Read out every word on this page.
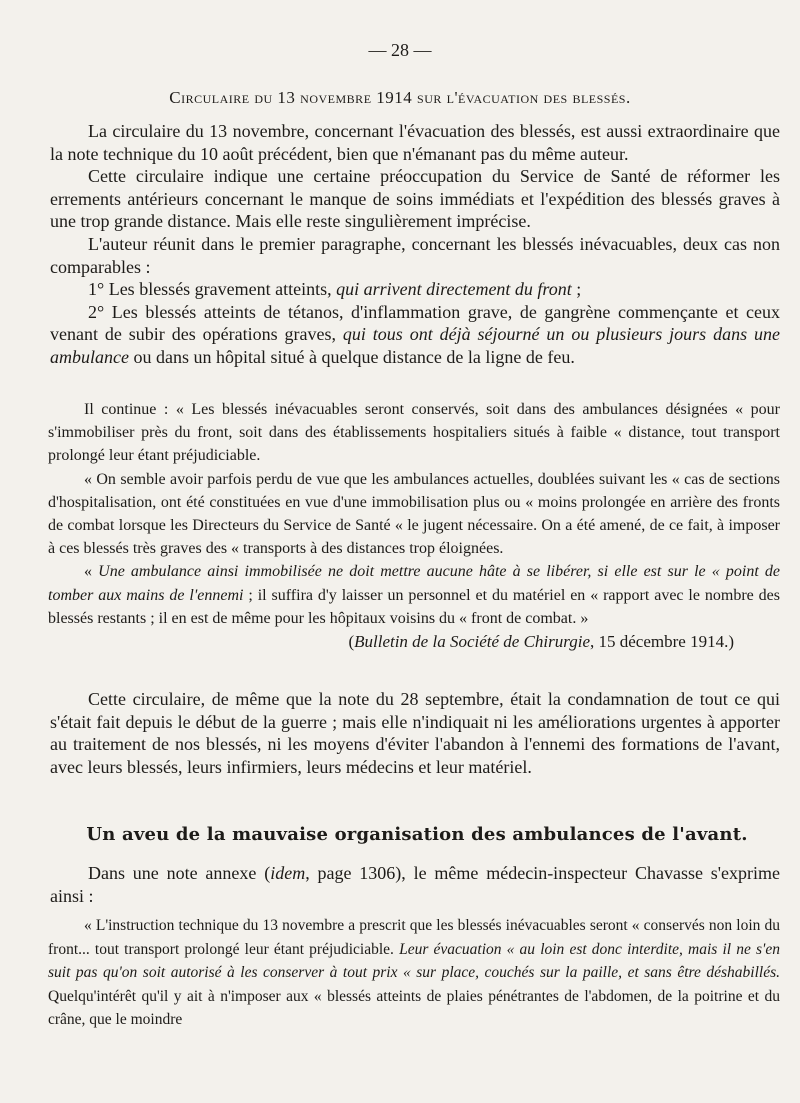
— 28 —
Circulaire du 13 novembre 1914 sur l'évacuation des blessés.

La circulaire du 13 novembre, concernant l'évacuation des blessés, est aussi extraordinaire que la note technique du 10 août précédent, bien que n'émanant pas du même auteur.

Cette circulaire indique une certaine préoccupation du Service de Santé de réformer les errements antérieurs concernant le manque de soins immédiats et l'expédition des blessés graves à une trop grande distance. Mais elle reste singulièrement imprécise.

L'auteur réunit dans le premier paragraphe, concernant les blessés inévacuables, deux cas non comparables :

1° Les blessés gravement atteints, qui arrivent directement du front ;

2° Les blessés atteints de tétanos, d'inflammation grave, de gangrène commençante et ceux venant de subir des opérations graves, qui tous ont déjà séjourné un ou plusieurs jours dans une ambulance ou dans un hôpital situé à quelque distance de la ligne de feu.

Il continue : « Les blessés inévacuables seront conservés, soit dans des ambulances désignées « pour s'immobiliser près du front, soit dans des établissements hospitaliers situés à faible « distance, tout transport prolongé leur étant préjudiciable.

« On semble avoir parfois perdu de vue que les ambulances actuelles, doublées suivant les « cas de sections d'hospitalisation, ont été constituées en vue d'une immobilisation plus ou « moins prolongée en arrière des fronts de combat lorsque les Directeurs du Service de Santé « le jugent nécessaire. On a été amené, de ce fait, à imposer à ces blessés très graves des « transports à des distances trop éloignées.

« Une ambulance ainsi immobilisée ne doit mettre aucune hâte à se libérer, si elle est sur le « point de tomber aux mains de l'ennemi ; il suffira d'y laisser un personnel et du matériel en « rapport avec le nombre des blessés restants ; il en est de même pour les hôpitaux voisins du « front de combat. »

(Bulletin de la Société de Chirurgie, 15 décembre 1914.)

Cette circulaire, de même que la note du 28 septembre, était la condamnation de tout ce qui s'était fait depuis le début de la guerre ; mais elle n'indiquait ni les améliorations urgentes à apporter au traitement de nos blessés, ni les moyens d'éviter l'abandon à l'ennemi des formations de l'avant, avec leurs blessés, leurs infirmiers, leurs médecins et leur matériel.

Un aveu de la mauvaise organisation des ambulances de l'avant.

Dans une note annexe (idem, page 1306), le même médecin-inspecteur Chavasse s'exprime ainsi :

« L'instruction technique du 13 novembre a prescrit que les blessés inévacuables seront « conservés non loin du front... tout transport prolongé leur étant préjudiciable. Leur évacuation « au loin est donc interdite, mais il ne s'en suit pas qu'on soit autorisé à les conserver à tout prix « sur place, couchés sur la paille, et sans être déshabillés. Quelqu'intérêt qu'il y ait à n'imposer aux « blessés atteints de plaies pénétrantes de l'abdomen, de la poitrine et du crâne, que le moindre
